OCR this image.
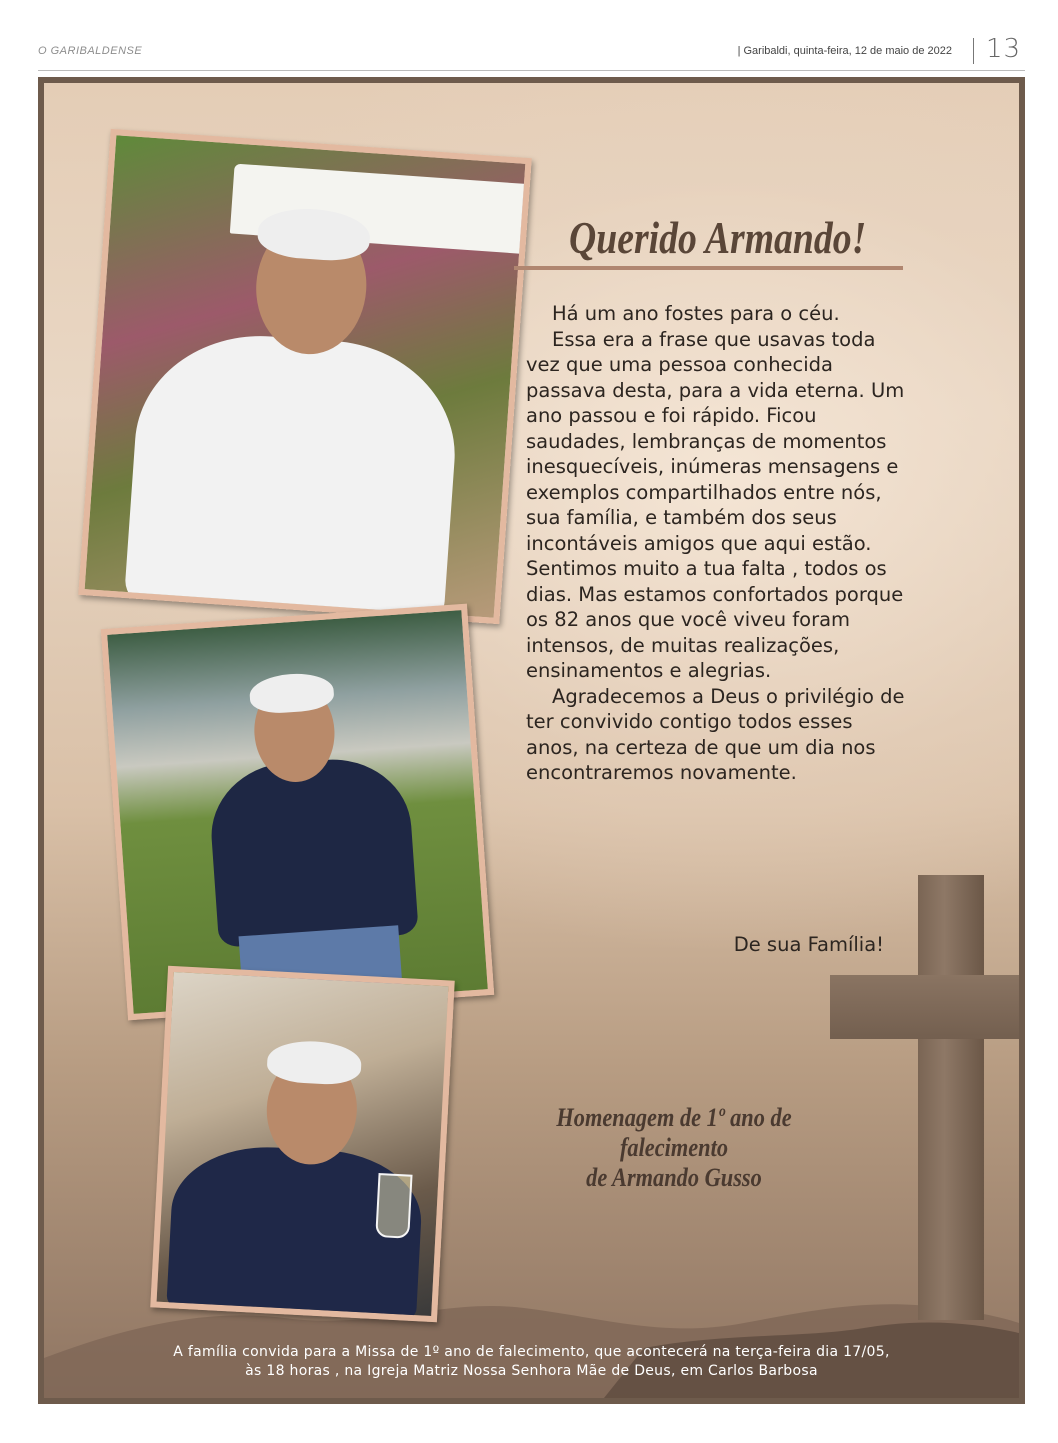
O GARIBALDENSE	| Garibaldi, quinta-feira, 12 de maio de 2022 13
Querido Armando!

Há um ano fostes para o céu.

Essa era a frase que usavas toda vez que uma pessoa conhecida passava desta, para a vida eterna. Um ano passou e foi rápido. Ficou saudades, lembranças de momentos inesquecíveis, inúmeras mensagens e exemplos compartilhados entre nós, sua família, e também dos seus incontáveis amigos que aqui estão. Sentimos muito a tua falta , todos os dias. Mas estamos confortados porque os 82 anos que você viveu foram intensos, de muitas realizações, ensinamentos e alegrias.

Agradecemos a Deus o privilégio de ter convivido contigo todos esses anos, na certeza de que um dia nos encontraremos novamente.

De sua Família!
Homenagem de 1º ano de falecimento
de Armando Gusso
A família convida para a Missa de 1º ano de falecimento, que acontecerá na terça-feira dia 17/05,
às 18 horas , na Igreja Matriz Nossa Senhora Mãe de Deus, em Carlos Barbosa
